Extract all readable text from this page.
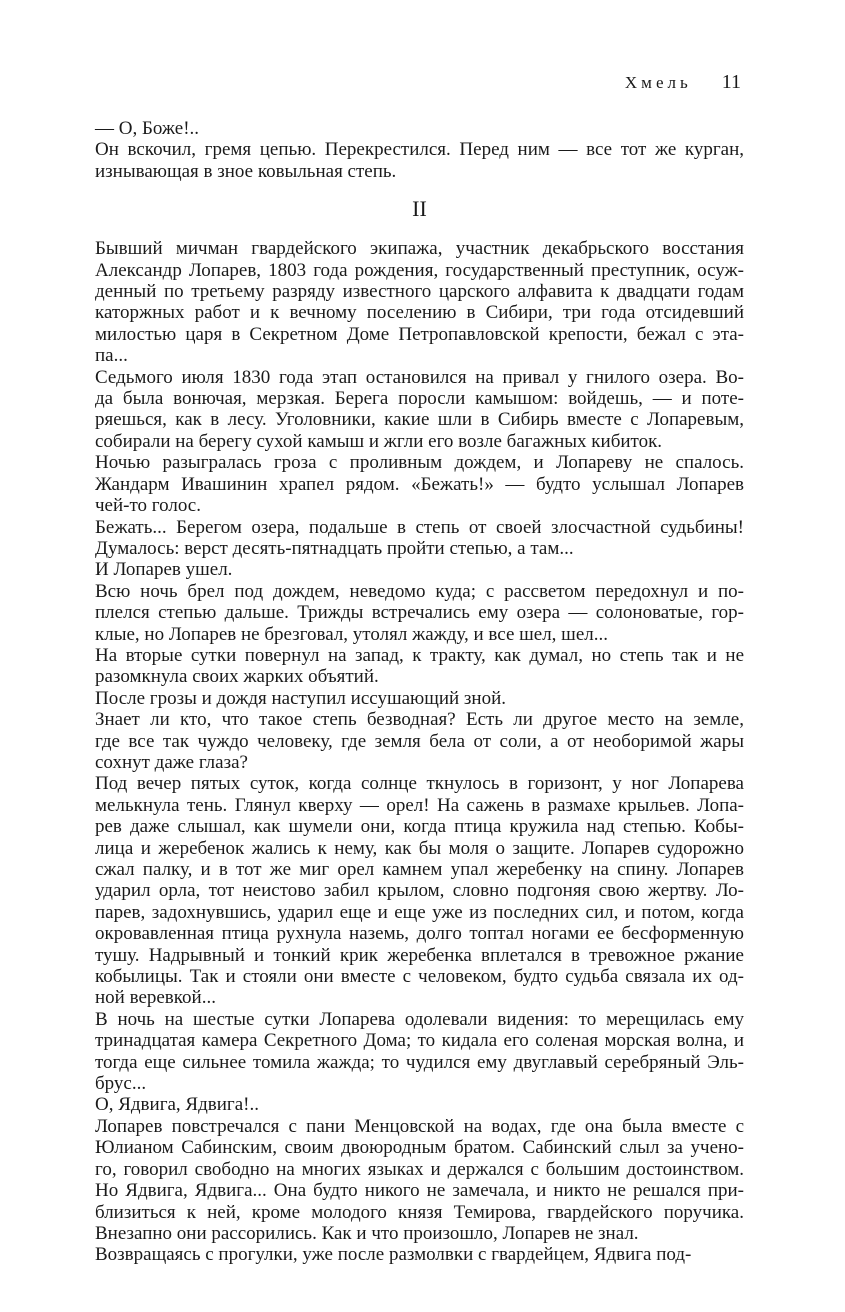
Хмель 11

— О, Боже!..

Он вскочил, гремя цепью. Перекрестился. Перед ним — все тот же курган,
изнывающая в зное ковыльная степь.

II

Бывший мичман гвардейского экипажа, участник декабрьского восстания
Александр Лопарев, 1803 года рождения, государственный преступник, осуж-
денный по третьему разряду известного царского алфавита к двадцати годам
каторжных работ и к вечному поселению в Сибири, три года отсидевший
милостью царя в Секретном Доме Петропавловской крепости, бежал с эта-
па...

Седьмого июля 1830 года этап остановился на привал у гнилого озера. Во-
да была вонючая, мерзкая. Берега поросли камышом: войдешь, — и поте-
ряешься, как в лесу. Уголовники, какие шли в Сибирь вместе с Лопаревым,
собирали на берегу сухой камыш и жгли его возле багажных кибиток.

Ночью разыгралась гроза с проливным дождем, и Лопареву не спалось.
Жандарм Ивашинин храпел рядом. «Бежать!» — будто услышал Лопарев
чей-то голос.

Бежать... Берегом озера, подальше в степь от своей злосчастной судьбины!
Думалось: верст десять-пятнадцать пройти степью, а там...

И Лопарев ушел.

Всю ночь брел под дождем, неведомо куда; с рассветом передохнул и по-
плелся степью дальше. Трижды встречались ему озера — солоноватые, гор-
клые, но Лопарев не брезговал, утолял жажду, и все шел, шел...

На вторые сутки повернул на запад, к тракту, как думал, но степь так и не
разомкнула своих жарких объятий.

После грозы и дождя наступил иссушающий зной.

Знает ли кто, что такое степь безводная? Есть ли другое место на земле,
где все так чуждо человеку, где земля бела от соли, а от необоримой жары
сохнут даже глаза?

Под вечер пятых суток, когда солнце ткнулось в горизонт, у ног Лопарева
мелькнула тень. Глянул кверху — орел! На сажень в размахе крыльев. Лопа-
рев даже слышал, как шумели они, когда птица кружила над степью. Кобы-
лица и жеребенок жались к нему, как бы моля о защите. Лопарев судорожно
сжал палку, и в тот же миг орел камнем упал жеребенку на спину. Лопарев
ударил орла, тот неистово забил крылом, словно подгоняя свою жертву. Ло-
парев, задохнувшись, ударил еще и еще уже из последних сил, и потом, когда
окровавленная птица рухнула наземь, долго топтал ногами ее бесформенную
тушу. Надрывный и тонкий крик жеребенка вплетался в тревожное ржание
кобылицы. Так и стояли они вместе с человеком, будто судьба связала их од-
ной веревкой...

В ночь на шестые сутки Лопарева одолевали видения: то мерещилась ему
тринадцатая камера Секретного Дома; то кидала его соленая морская волна, и
тогда еще сильнее томила жажда; то чудился ему двуглавый серебряный Эль-
брус...

О, Ядвига, Ядвига!..

Лопарев повстречался с пани Менцовской на водах, где она была вместе с
Юлианом Сабинским, своим двоюродным братом. Сабинский слыл за учено-
го, говорил свободно на многих языках и держался с большим достоинством.
Но Ядвига, Ядвига... Она будто никого не замечала, и никто не решался при-
близиться к ней, кроме молодого князя Темирова, гвардейского поручика.
Внезапно они рассорились. Как и что произошло, Лопарев не знал.

Возвращаясь с прогулки, уже после размолвки с гвардейцем, Ядвига под-
